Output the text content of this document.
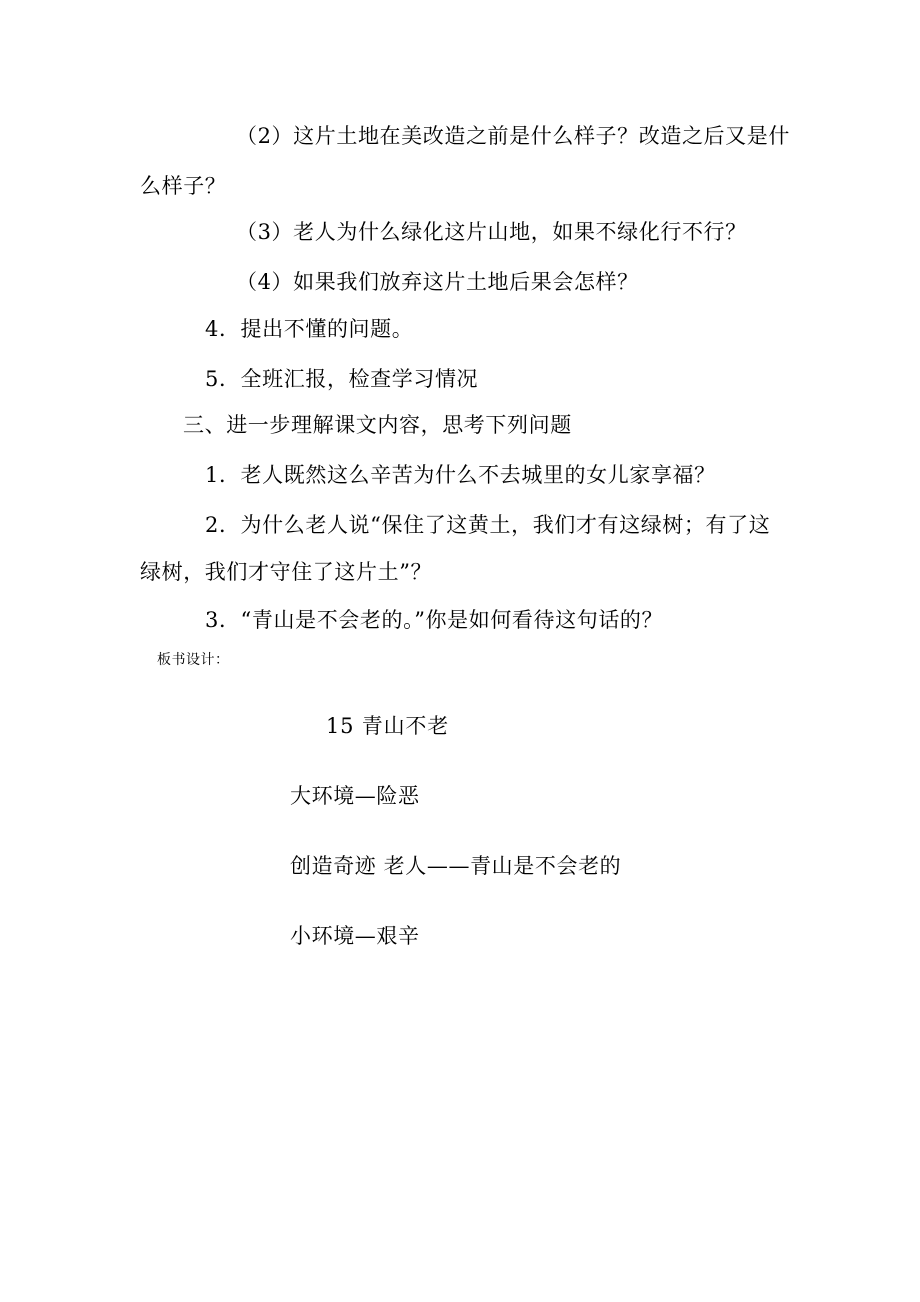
（2）这片土地在美改造之前是什么样子？改造之后又是什
么样子？
（3）老人为什么绿化这片山地，如果不绿化行不行？
（4）如果我们放弃这片土地后果会怎样？
4．提出不懂的问题。
5．全班汇报，检查学习情况
三、进一步理解课文内容，思考下列问题
1．老人既然这么辛苦为什么不去城里的女儿家享福？
2．为什么老人说“保住了这黄土，我们才有这绿树；有了这
绿树，我们才守住了这片土”？
3．“青山是不会老的。”你是如何看待这句话的？
板书设计：
15 青山不老
大环境—险恶
创造奇迹 老人——青山是不会老的
小环境—艰辛
